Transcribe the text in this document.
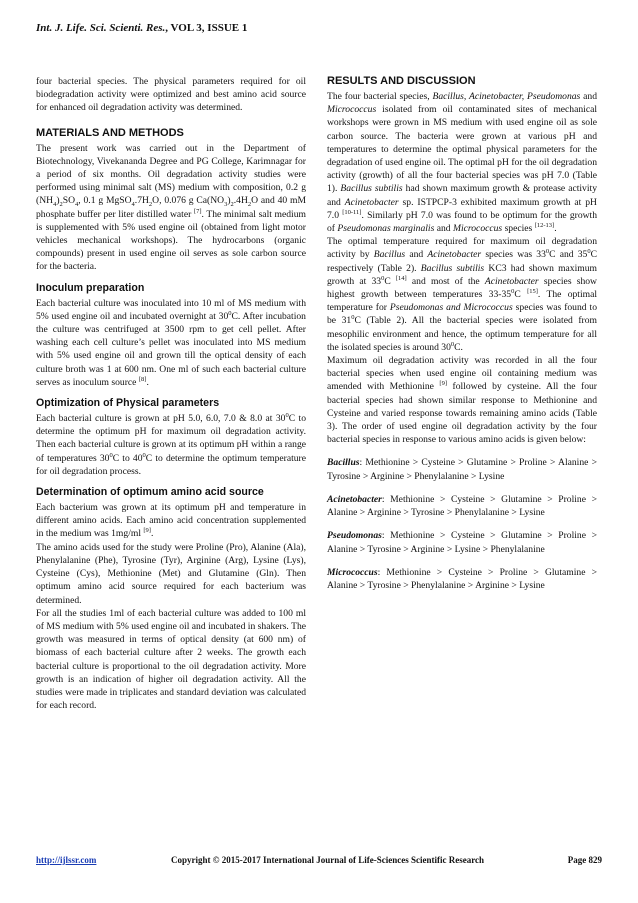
Int. J. Life. Sci. Scienti. Res., VOL 3, ISSUE 1

four bacterial species. The physical parameters required for oil biodegradation activity were optimized and best amino acid source for enhanced oil degradation activity was determined.

MATERIALS AND METHODS

The present work was carried out in the Department of Biotechnology, Vivekananda Degree and PG College, Karimnagar for a period of six months. Oil degradation activity studies were performed using minimal salt (MS) medium with composition, 0.2 g $(NH_4)_2SO_4$, 0.1 g $MgSO_4.7H_2O$, 0.076 g $Ca(NO_3)_2.4H_2O$ and 40 mM phosphate buffer per liter distilled water [7]. The minimal salt medium is supplemented with 5% used engine oil (obtained from light motor vehicles mechanical workshops). The hydrocarbons (organic compounds) present in used engine oil serves as sole carbon source for the bacteria.

Inoculum preparation

Each bacterial culture was inoculated into 10 ml of MS medium with 5% used engine oil and incubated overnight at $30^0C$. After incubation the culture was centrifuged at 3500 rpm to get cell pellet. After washing each cell culture’s pellet was inoculated into MS medium with 5% used engine oil and grown till the optical density of each culture broth was 1 at 600 nm. One ml of such each bacterial culture serves as inoculum source [8].

Optimization of Physical parameters

Each bacterial culture is grown at pH 5.0, 6.0, 7.0 & 8.0 at $30^0C$ to determine the optimum pH for maximum oil degradation activity. Then each bacterial culture is grown at its optimum pH within a range of temperatures $30^0C$ to $40^0C$ to determine the optimum temperature for oil degradation process.

Determination of optimum amino acid source

Each bacterium was grown at its optimum pH and temperature in different amino acids. Each amino acid concentration supplemented in the medium was 1mg/ml [9].

The amino acids used for the study were Proline (Pro), Alanine (Ala), Phenylalanine (Phe), Tyrosine (Tyr), Arginine (Arg), Lysine (Lys), Cysteine (Cys), Methionine (Met) and Glutamine (Gln). Then optimum amino acid source required for each bacterium was determined.

For all the studies 1ml of each bacterial culture was added to 100 ml of MS medium with 5% used engine oil and incubated in shakers. The growth was measured in terms of optical density (at 600 nm) of biomass of each bacterial culture after 2 weeks. The growth each bacterial culture is proportional to the oil degradation activity. More growth is an indication of higher oil degradation activity. All the studies were made in triplicates and standard deviation was calculated for each record.

RESULTS AND DISCUSSION

The four bacterial species, Bacillus, Acinetobacter, Pseudomonas and Micrococcus isolated from oil contaminated sites of mechanical workshops were grown in MS medium with used engine oil as sole carbon source. The bacteria were grown at various pH and temperatures to determine the optimal physical parameters for the degradation of used engine oil. The optimal pH for the oil degradation activity (growth) of all the four bacterial species was pH 7.0 (Table 1). Bacillus subtilis had shown maximum growth & protease activity and Acinetobacter sp. ISTPCP-3 exhibited maximum growth at pH 7.0 [10-11]. Similarly pH 7.0 was found to be optimum for the growth of Pseudomonas marginalis and Micrococcus species [12-13].

The optimal temperature required for maximum oil degradation activity by Bacillus and Acinetobacter species was $33^0C$ and $35^0C$ respectively (Table 2). Bacillus subtilis KC3 had shown maximum growth at $33^0C$ [14] and most of the Acinetobacter species show highest growth between temperatures $33-35^0C$ [15]. The optimal temperature for Pseudomonas and Micrococcus species was found to be $31^0C$ (Table 2). All the bacterial species were isolated from mesophilic environment and hence, the optimum temperature for all the isolated species is around $30^0C$.

Maximum oil degradation activity was recorded in all the four bacterial species when used engine oil containing medium was amended with Methionine [9] followed by cysteine. All the four bacterial species had shown similar response to Methionine and Cysteine and varied response towards remaining amino acids (Table 3). The order of used engine oil degradation activity by the four bacterial species in response to various amino acids is given below:

Bacillus: Methionine > Cysteine > Glutamine > Proline > Alanine > Tyrosine > Arginine > Phenylalanine > Lysine

Acinetobacter: Methionine > Cysteine > Glutamine > Proline > Alanine > Arginine > Tyrosine > Phenylalanine > Lysine

Pseudomonas: Methionine > Cysteine > Glutamine > Proline > Alanine > Tyrosine > Arginine > Lysine > Phenylalanine

Micrococcus: Methionine > Cysteine > Proline > Glutamine > Alanine > Tyrosine > Phenylalanine > Arginine > Lysine

http://ijlssr.com	Copyright © 2015-2017 International Journal of Life-Sciences Scientific Research	Page 829
